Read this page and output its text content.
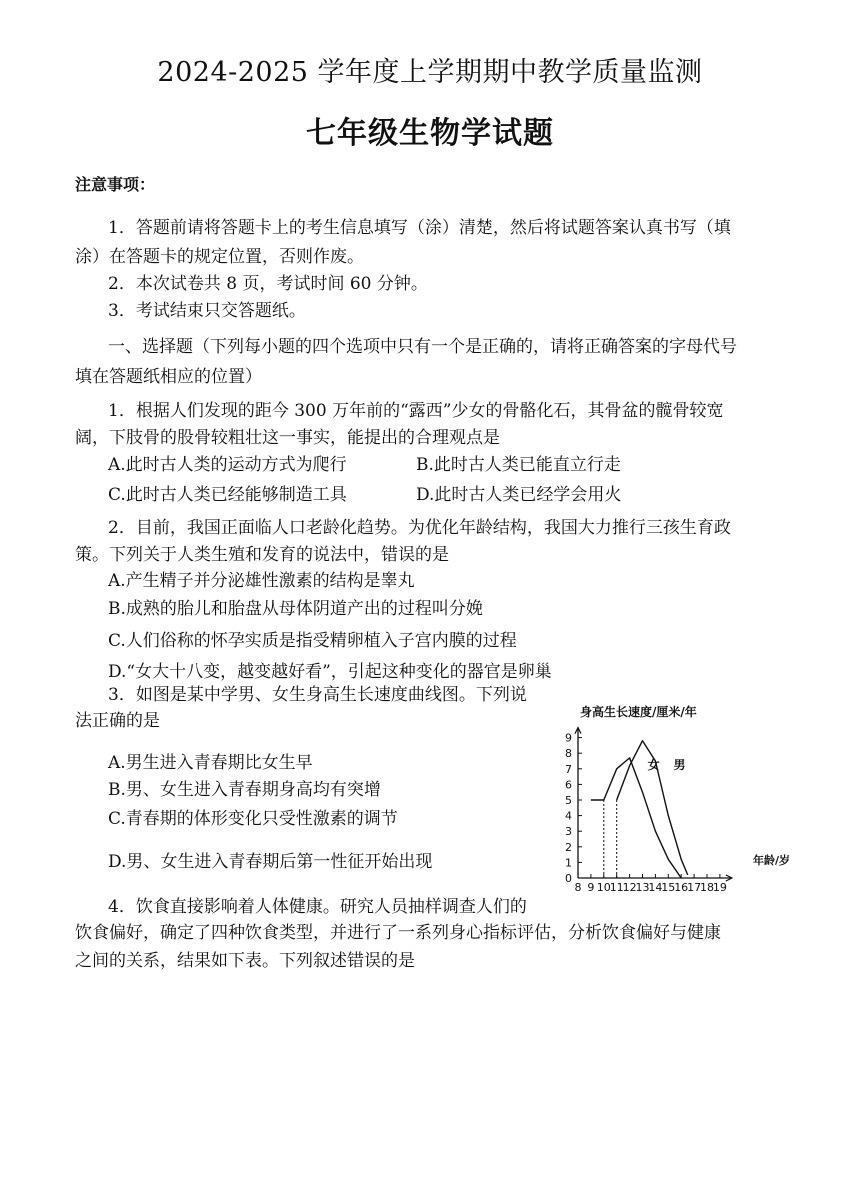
2024-2025 学年度上学期期中教学质量监测
七年级生物学试题
注意事项：
1．答题前请将答题卡上的考生信息填写（涂）清楚，然后将试题答案认真书写（填
涂）在答题卡的规定位置，否则作废。
2．本次试卷共 8 页，考试时间 60 分钟。
3．考试结束只交答题纸。
一、选择题（下列每小题的四个选项中只有一个是正确的，请将正确答案的字母代号
填在答题纸相应的位置）
1．根据人们发现的距今 300 万年前的“露西”少女的骨骼化石，其骨盆的髋骨较宽
阔，下肢骨的股骨较粗壮这一事实，能提出的合理观点是
A.此时古人类的运动方式为爬行	B.此时古人类已能直立行走
C.此时古人类已经能够制造工具	D.此时古人类已经学会用火
2．目前，我国正面临人口老龄化趋势。为优化年龄结构，我国大力推行三孩生育政
策。下列关于人类生殖和发育的说法中，错误的是
A.产生精子并分泌雄性激素的结构是睾丸
B.成熟的胎儿和胎盘从母体阴道产出的过程叫分娩
C.人们俗称的怀孕实质是指受精卵植入子宫内膜的过程
D.“女大十八变，越变越好看”，引起这种变化的器官是卵巢
3．如图是某中学男、女生身高生长速度曲线图。下列说
法正确的是
A.男生进入青春期比女生早
B.男、女生进入青春期身高均有突增
C.青春期的体形变化只受性激素的调节
D.男、女生进入青春期后第一性征开始出现
4．饮食直接影响着人体健康。研究人员抽样调查人们的
饮食偏好，确定了四种饮食类型，并进行了一系列身心指标评估，分析饮食偏好与健康
之间的关系，结果如下表。下列叙述错误的是
女 男
0
1
2
3
4
5
6
7
8
9
8 9 10
11
12
13
14
15
16
17
18
19
身高生长速度/厘米/年
年龄/岁
